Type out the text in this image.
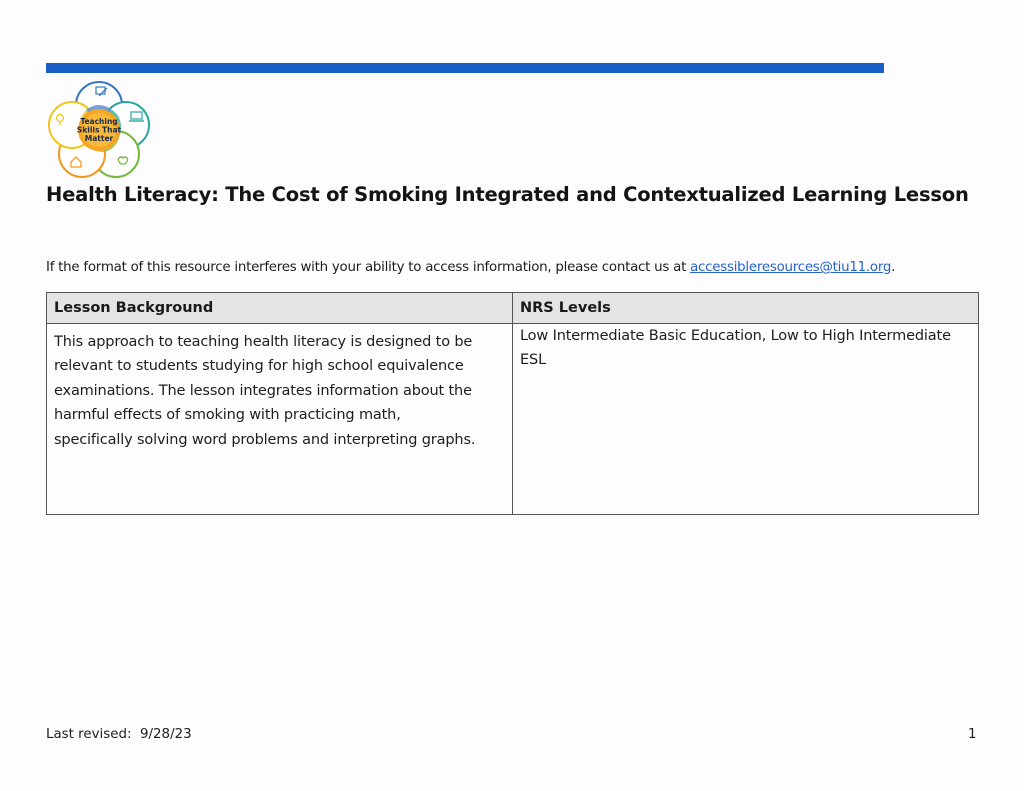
Teaching
Skills That
Matter
Health Literacy: The Cost of Smoking Integrated and Contextualized Learning Lesson
If the format of this resource interferes with your ability to access information, please contact us at accessibleresources@tiu11.org.
Lesson Background	NRS Levels
This approach to teaching health literacy is designed to be relevant to students studying for high school equivalence examinations. The lesson integrates information about the harmful effects of smoking with practicing math, specifically solving word problems and interpreting graphs.	Low Intermediate Basic Education, Low to High Intermediate ESL
Last revised: 9/28/23	1
